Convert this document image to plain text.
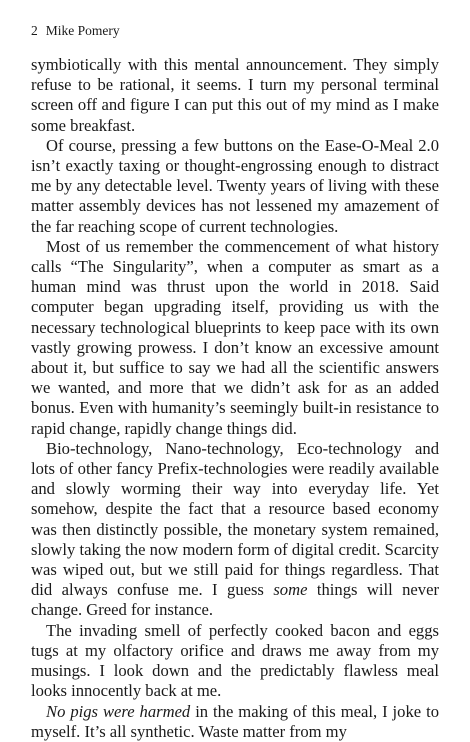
2 Mike Pomery

symbiotically with this mental announcement. They simply refuse to be rational, it seems. I turn my personal terminal screen off and figure I can put this out of my mind as I make some breakfast.

Of course, pressing a few buttons on the Ease-O-Meal 2.0 isn’t exactly taxing or thought-engrossing enough to distract me by any detectable level. Twenty years of living with these matter assembly devices has not lessened my amazement of the far reaching scope of current technologies.

Most of us remember the commencement of what history calls “The Singularity”, when a computer as smart as a human mind was thrust upon the world in 2018. Said computer began upgrading itself, providing us with the necessary technological blueprints to keep pace with its own vastly growing prowess. I don’t know an excessive amount about it, but suffice to say we had all the scientific answers we wanted, and more that we didn’t ask for as an added bonus. Even with humanity’s seemingly built-in resistance to rapid change, rapidly change things did.

Bio-technology, Nano-technology, Eco-technology and lots of other fancy Prefix-technologies were readily available and slowly worming their way into everyday life. Yet somehow, despite the fact that a resource based economy was then distinctly possible, the monetary system remained, slowly taking the now modern form of digital credit. Scarcity was wiped out, but we still paid for things regardless. That did always confuse me. I guess some things will never change. Greed for instance.

The invading smell of perfectly cooked bacon and eggs tugs at my olfactory orifice and draws me away from my musings. I look down and the predictably flawless meal looks innocently back at me.

No pigs were harmed in the making of this meal, I joke to myself. It’s all synthetic. Waste matter from my
